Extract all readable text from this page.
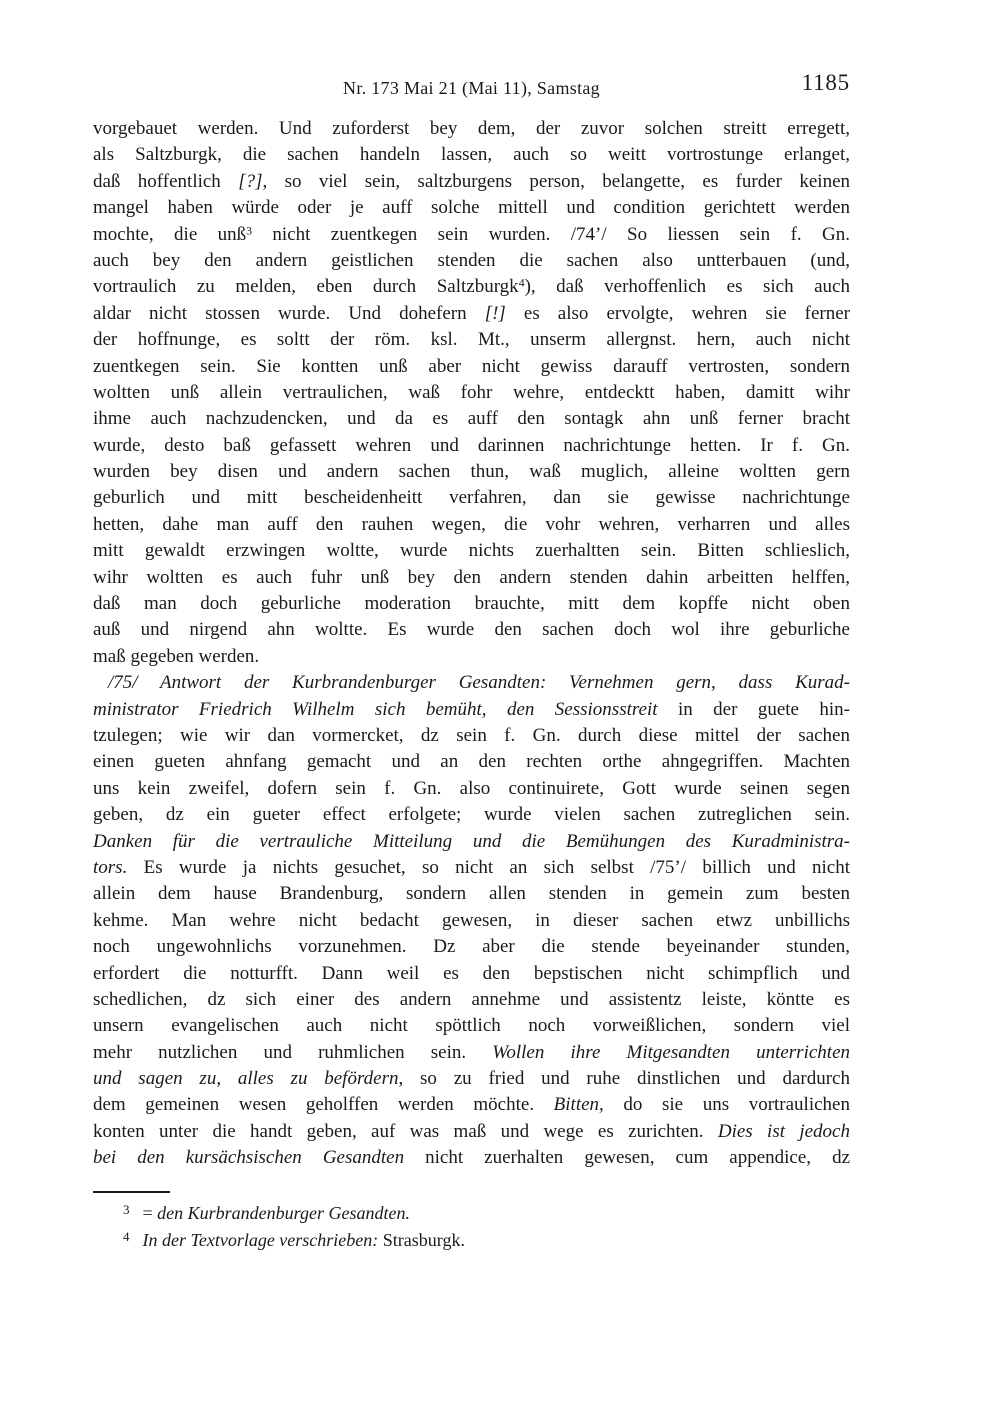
Nr. 173 Mai 21 (Mai 11), Samstag	1185
vorgebauet werden. Und zuforderst bey dem, der zuvor solchen streitt erregett,
als Saltzburgk, die sachen handeln lassen, auch so weitt vortrostunge erlanget,
daß hoffentlich [?], so viel sein, saltzburgens person, belangette, es furder keinen
mangel haben würde oder je auff solche mittell und condition gerichtett werden
mochte, die unß$^3$ nicht zuentkegen sein wurden. /74’/ So liessen sein f. Gn.
auch bey den andern geistlichen stenden die sachen also untterbauen (und,
vortraulich zu melden, eben durch Saltzburgk$^4$), daß verhoffenlich es sich auch
aldar nicht stossen wurde. Und dohefern [!] es also ervolgte, wehren sie ferner
der hoffnunge, es soltt der röm. ksl. Mt., unserm allergnst. hern, auch nicht
zuentkegen sein. Sie kontten unß aber nicht gewiss darauff vertrosten, sondern
woltten unß allein vertraulichen, waß fohr wehre, entdecktt haben, damitt wihr
ihme auch nachzudencken, und da es auff den sontagk ahn unß ferner bracht
wurde, desto baß gefassett wehren und darinnen nachrichtunge hetten. Ir f. Gn.
wurden bey disen und andern sachen thun, waß muglich, alleine woltten gern
geburlich und mitt bescheidenheitt verfahren, dan sie gewisse nachrichtunge
hetten, dahe man auff den rauhen wegen, die vohr wehren, verharren und alles
mitt gewaldt erzwingen woltte, wurde nichts zuerhaltten sein. Bitten schlieslich,
wihr woltten es auch fuhr unß bey den andern stenden dahin arbeitten helffen,
daß man doch geburliche moderation brauchte, mitt dem kopffe nicht oben
auß und nirgend ahn woltte. Es wurde den sachen doch wol ihre geburliche
maß gegeben werden.
/75/ Antwort der Kurbrandenburger Gesandten: Vernehmen gern, dass Kurad-
ministrator Friedrich Wilhelm sich bemüht, den Sessionsstreit in der guete hin-
tzulegen; wie wir dan vormercket, dz sein f. Gn. durch diese mittel der sachen
einen gueten ahnfang gemacht und an den rechten orthe ahngegriffen. Machten
uns kein zweifel, dofern sein f. Gn. also continuirete, Gott wurde seinen segen
geben, dz ein gueter effect erfolgete; wurde vielen sachen zutreglichen sein.
Danken für die vertrauliche Mitteilung und die Bemühungen des Kuradministra-
tors. Es wurde ja nichts gesuchet, so nicht an sich selbst /75’/ billich und nicht
allein dem hause Brandenburg, sondern allen stenden in gemein zum besten
kehme. Man wehre nicht bedacht gewesen, in dieser sachen etwz unbillichs
noch ungewohnlichs vorzunehmen. Dz aber die stende beyeinander stunden,
erfordert die notturfft. Dann weil es den bepstischen nicht schimpflich und
schedlichen, dz sich einer des andern annehme und assistentz leiste, köntte es
unsern evangelischen auch nicht spöttlich noch vorweißlichen, sondern viel
mehr nutzlichen und ruhmlichen sein. Wollen ihre Mitgesandten unterrichten
und sagen zu, alles zu befördern, so zu fried und ruhe dinstlichen und dardurch
dem gemeinen wesen geholffen werden möchte. Bitten, do sie uns vortraulichen
konten unter die handt geben, auf was maß und wege es zurichten. Dies ist jedoch
bei den kursächsischen Gesandten nicht zuerhalten gewesen, cum appendice, dz
$^3$ = den Kurbrandenburger Gesandten.
$^4$ In der Textvorlage verschrieben: Strasburgk.
